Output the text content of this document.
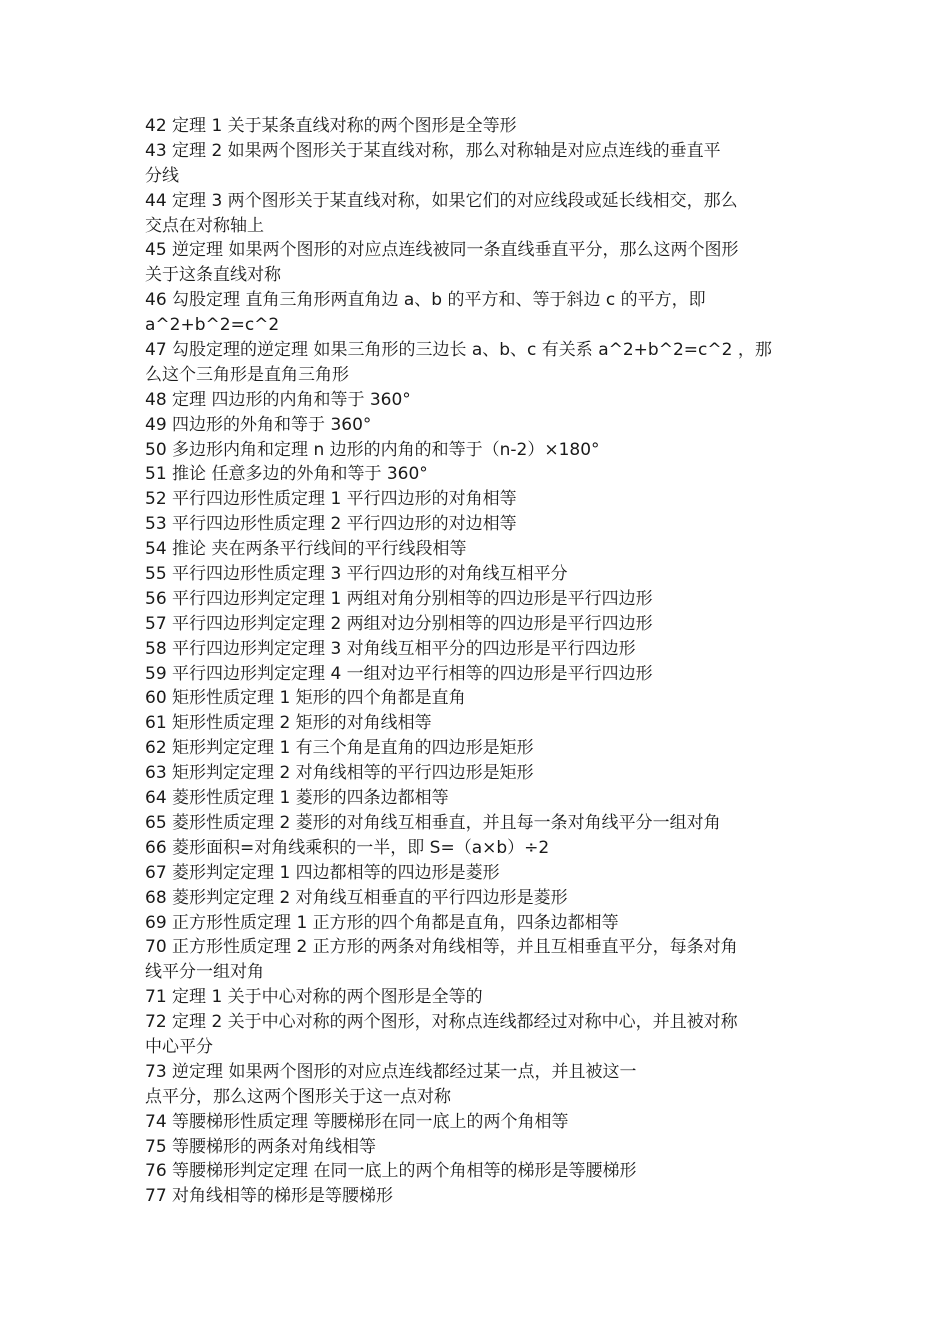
42 定理 1 关于某条直线对称的两个图形是全等形
43 定理 2 如果两个图形关于某直线对称，那么对称轴是对应点连线的垂直平
分线
44 定理 3 两个图形关于某直线对称，如果它们的对应线段或延长线相交，那么
交点在对称轴上
45 逆定理 如果两个图形的对应点连线被同一条直线垂直平分，那么这两个图形
关于这条直线对称
46 勾股定理 直角三角形两直角边 a、b 的平方和、等于斜边 c 的平方，即
a^2+b^2=c^2
47 勾股定理的逆定理 如果三角形的三边长 a、b、c 有关系 a^2+b^2=c^2 ，那
么这个三角形是直角三角形
48 定理 四边形的内角和等于 360°
49 四边形的外角和等于 360°
50 多边形内角和定理 n 边形的内角的和等于（n-2）×180°
51 推论 任意多边的外角和等于 360°
52 平行四边形性质定理 1 平行四边形的对角相等
53 平行四边形性质定理 2 平行四边形的对边相等
54 推论 夹在两条平行线间的平行线段相等
55 平行四边形性质定理 3 平行四边形的对角线互相平分
56 平行四边形判定定理 1 两组对角分别相等的四边形是平行四边形
57 平行四边形判定定理 2 两组对边分别相等的四边形是平行四边形
58 平行四边形判定定理 3 对角线互相平分的四边形是平行四边形
59 平行四边形判定定理 4 一组对边平行相等的四边形是平行四边形
60 矩形性质定理 1 矩形的四个角都是直角
61 矩形性质定理 2 矩形的对角线相等
62 矩形判定定理 1 有三个角是直角的四边形是矩形
63 矩形判定定理 2 对角线相等的平行四边形是矩形
64 菱形性质定理 1 菱形的四条边都相等
65 菱形性质定理 2 菱形的对角线互相垂直，并且每一条对角线平分一组对角
66 菱形面积=对角线乘积的一半，即 S=（a×b）÷2
67 菱形判定定理 1 四边都相等的四边形是菱形
68 菱形判定定理 2 对角线互相垂直的平行四边形是菱形
69 正方形性质定理 1 正方形的四个角都是直角，四条边都相等
70 正方形性质定理 2 正方形的两条对角线相等，并且互相垂直平分，每条对角
线平分一组对角
71 定理 1 关于中心对称的两个图形是全等的
72 定理 2 关于中心对称的两个图形，对称点连线都经过对称中心，并且被对称
中心平分
73 逆定理 如果两个图形的对应点连线都经过某一点，并且被这一
点平分，那么这两个图形关于这一点对称
74 等腰梯形性质定理 等腰梯形在同一底上的两个角相等
75 等腰梯形的两条对角线相等
76 等腰梯形判定定理 在同一底上的两个角相等的梯形是等腰梯形
77 对角线相等的梯形是等腰梯形
